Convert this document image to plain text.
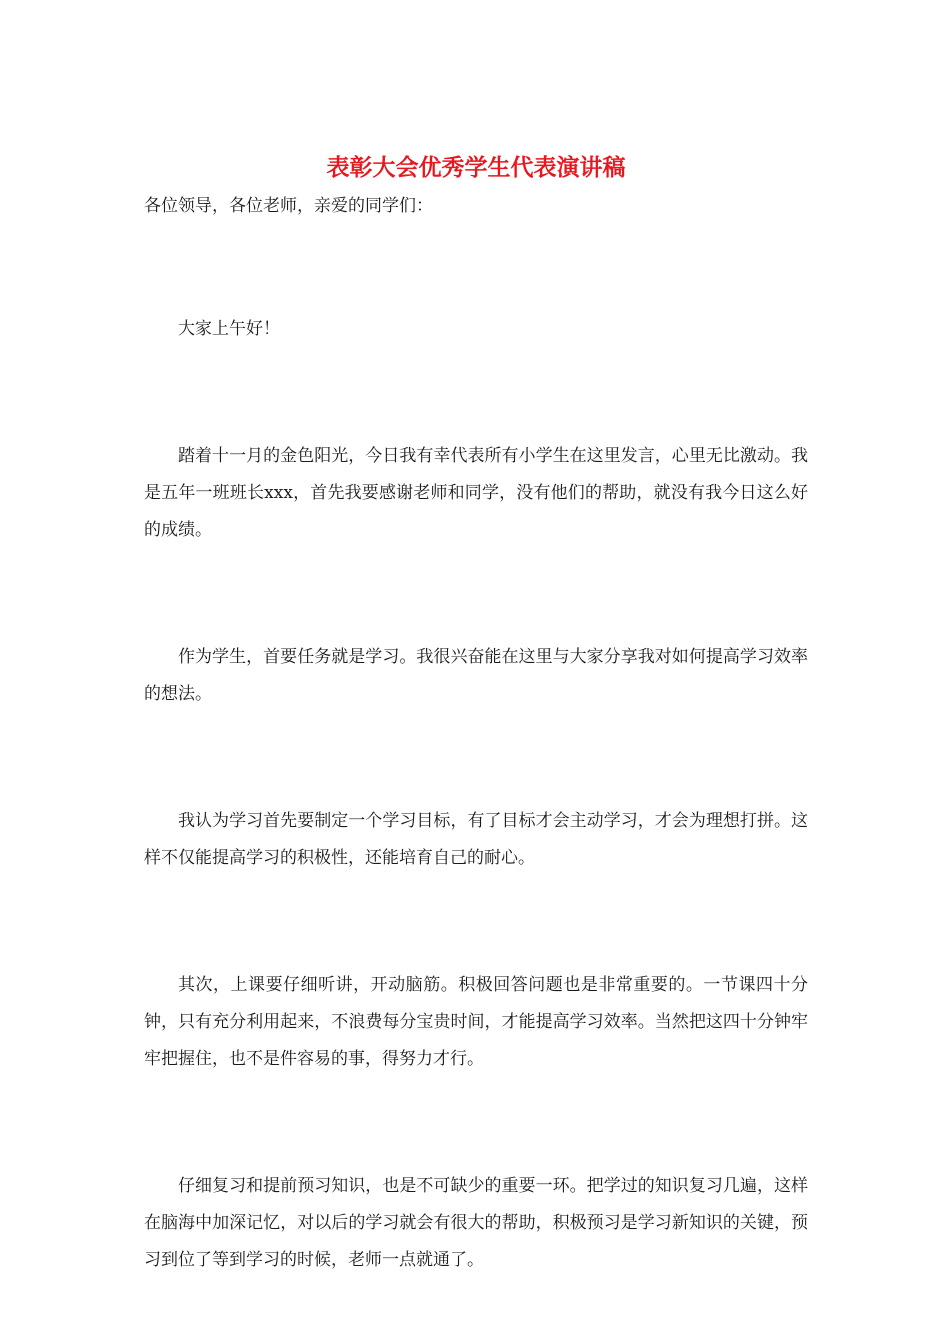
表彰大会优秀学生代表演讲稿

各位领导，各位老师，亲爱的同学们：

大家上午好！

踏着十一月的金色阳光，今日我有幸代表所有小学生在这里发言，心里无比激动。我是五年一班班长xxx，首先我要感谢老师和同学，没有他们的帮助，就没有我今日这么好的成绩。

作为学生，首要任务就是学习。我很兴奋能在这里与大家分享我对如何提高学习效率的想法。

我认为学习首先要制定一个学习目标，有了目标才会主动学习，才会为理想打拼。这样不仅能提高学习的积极性，还能培育自己的耐心。

其次，上课要仔细听讲，开动脑筋。积极回答问题也是非常重要的。一节课四十分钟，只有充分利用起来，不浪费每分宝贵时间，才能提高学习效率。当然把这四十分钟牢牢把握住，也不是件容易的事，得努力才行。

仔细复习和提前预习知识，也是不可缺少的重要一环。把学过的知识复习几遍，这样在脑海中加深记忆，对以后的学习就会有很大的帮助，积极预习是学习新知识的关键，预习到位了等到学习的时候，老师一点就通了。
